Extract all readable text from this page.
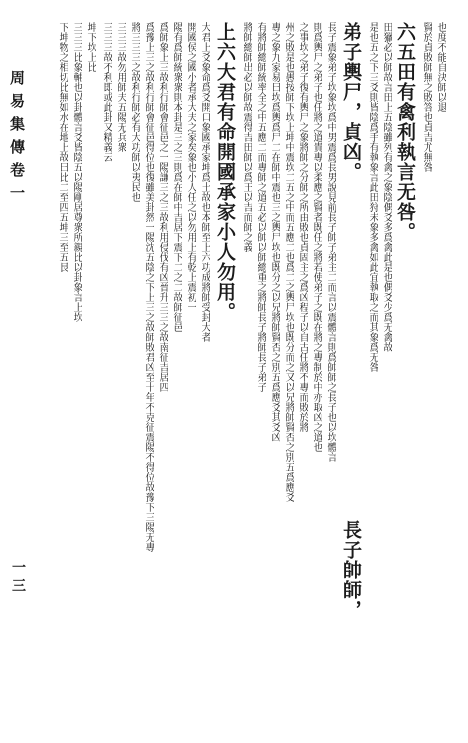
周易集傳卷一
一三
也度不能自決師以退
賢於貞敗師無之敗答也貞吉尤無咎
六五田有禽利執言无咎。
田獵必以師故言田上五陰雖列有禽之象陰偶爻多爲禽此是也偶爻少爲无禽故
是也五之下三爻則皆陰爲手有執象言此田狩未象多禽如此宜執取之而其象爲无咎
弟子輿尸，貞凶。
長子帥師，
長子震象弟子坎象坎爲中男震爲長男說見前長子帥子弟主二而言以震體言則爲帥師之長子也以坎體言
則爲輿尸之弟子也任將之道貴專以柔應之賢者既任之將若使弟子之既在將之專制於中亦取凶之道也
之事坎之弟子復有輿尸之象將帥之分師之所由敗也貞固主之爲凶程子以自古任將不專而敗於將
州之敗是也愚按師下坎上坤中震坎二五之中而五應二也爲二之輿尸坎也既分而之又以兄將帥賢否之別五爲應爻
專之象九家易曰坎爲輿爲尸二在師中震也三之輿尸坎也既分之以兄將帥賢否之別五爲應爻其爻凶
有將帥總師統率全之中五應二而專師之道五必以帥以師總重之將帥長子將師長子弟子
將帥總師出必以師故震得吉田師以爲王以吉而師之義
上六大君有命開國承家小人勿用。
大君上爻象命爲爻開口象國承家坤爲土故也本師至上六功成將帥受封大者
開國侯之國小者承大夫之家矣象也小人任之以勿用上有乾上震初一
陽有爲師統衆衆則本卦是三之三則爲在師中吉居下震下二之二故師征邑
爲師象上三故利行師會征邑之一陽謙三之三故利用侵伐有凶晉升三三之故南征吉居四
爲豫上三之故利行師會征邑得位也復雖美卦然一陽沈五陰之下上三之故師敗君凶至十年不克征震陽不得位故豫下三陽无專
將三三三之故利行師必有大功師以夷民也
三三三故勿用師夫五陽无兵衆
三三三故不利即或此卦又精義云
坤下坎上比
三三三比象輔也以卦體言爻皆陰五以陽剛居尊衆所親比以卦象言上坎
下坤物之相切比無如水在地上故曰比二至四五坤三至五艮
